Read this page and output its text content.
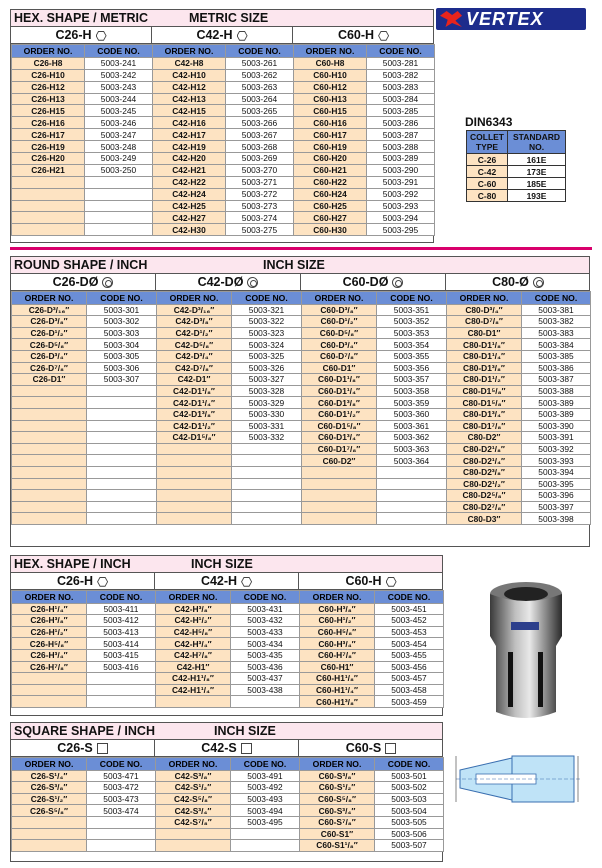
VERTEX
DIN6343
COLLET TYPE	STANDARD NO.
C-26	161E
C-42	173E
C-60	185E
C-80	193E
HEX. SHAPE / METRIC	METRIC SIZE
C26-H	C42-H	C60-H
ORDER NO.	CODE NO.
C26-H8	5003-241
C26-H10	5003-242
C26-H12	5003-243
C26-H13	5003-244
C26-H15	5003-245
C26-H16	5003-246
C26-H17	5003-247
C26-H19	5003-248
C26-H20	5003-249
C26-H21	5003-250

ORDER NO.	CODE NO.
C42-H8	5003-261
C42-H10	5003-262
C42-H12	5003-263
C42-H13	5003-264
C42-H15	5003-265
C42-H16	5003-266
C42-H17	5003-267
C42-H19	5003-268
C42-H20	5003-269
C42-H21	5003-270
C42-H22	5003-271
C42-H24	5003-272
C42-H25	5003-273
C42-H27	5003-274
C42-H30	5003-275
ORDER NO.	CODE NO.
C60-H8	5003-281
C60-H10	5003-282
C60-H12	5003-283
C60-H13	5003-284
C60-H15	5003-285
C60-H16	5003-286
C60-H17	5003-287
C60-H19	5003-288
C60-H20	5003-289
C60-H21	5003-290
C60-H22	5003-291
C60-H24	5003-292
C60-H25	5003-293
C60-H27	5003-294
C60-H30	5003-295
ROUND SHAPE / INCH	INCH SIZE
C26-DØ	C42-DØ	C60-DØ	C80-Ø
ORDER NO.	CODE NO.
C26-D³/₁₆″	5003-301
C26-D³/₈″	5003-302
C26-D¹/₂″	5003-303
C26-D⁵/₈″	5003-304
C26-D³/₄″	5003-305
C26-D⁷/₈″	5003-306
C26-D1″	5003-307

ORDER NO.	CODE NO.
C42-D³/₁₆″	5003-321
C42-D³/₈″	5003-322
C42-D¹/₂″	5003-323
C42-D⁵/₈″	5003-324
C42-D³/₄″	5003-325
C42-D⁷/₈″	5003-326
C42-D1″	5003-327
C42-D1¹/₈″	5003-328
C42-D1¹/₄″	5003-329
C42-D1³/₈″	5003-330
C42-D1¹/₂″	5003-331
C42-D1⁵/₈″	5003-332

ORDER NO.	CODE NO.
C60-D³/₈″	5003-351
C60-D¹/₂″	5003-352
C60-D⁵/₈″	5003-353
C60-D³/₄″	5003-354
C60-D⁷/₈″	5003-355
C60-D1″	5003-356
C60-D1¹/₈″	5003-357
C60-D1¹/₄″	5003-358
C60-D1³/₈″	5003-359
C60-D1¹/₂″	5003-360
C60-D1⁵/₈″	5003-361
C60-D1³/₄″	5003-362
C60-D1⁷/₈″	5003-363
C60-D2″	5003-364

ORDER NO.	CODE NO.
C80-D³/₄″	5003-381
C80-D⁷/₈″	5003-382
C80-D1″	5003-383
C80-D1¹/₈″	5003-384
C80-D1¹/₄″	5003-385
C80-D1³/₈″	5003-386
C80-D1¹/₂″	5003-387
C80-D1⁵/₈″	5003-388
C80-D1⁵/₈″	5003-389
C80-D1³/₄″	5003-389
C80-D1⁷/₈″	5003-390
C80-D2″	5003-391
C80-D2¹/₈″	5003-392
C80-D2¹/₄″	5003-393
C80-D2³/₈″	5003-394
C80-D2¹/₂″	5003-395
C80-D2⁵/₈″	5003-396
C80-D2⁷/₈″	5003-397
C80-D3″	5003-398
HEX. SHAPE / INCH	INCH SIZE
C26-H	C42-H	C60-H
ORDER NO.	CODE NO.
C26-H¹/₄″	5003-411
C26-H³/₈″	5003-412
C26-H¹/₂″	5003-413
C26-H⁵/₈″	5003-414
C26-H³/₄″	5003-415
C26-H⁷/₈″	5003-416

ORDER NO.	CODE NO.
C42-H³/₈″	5003-431
C42-H¹/₂″	5003-432
C42-H⁵/₈″	5003-433
C42-H³/₄″	5003-434
C42-H⁷/₈″	5003-435
C42-H1″	5003-436
C42-H1¹/₈″	5003-437
C42-H1¹/₄″	5003-438

ORDER NO.	CODE NO.
C60-H³/₈″	5003-451
C60-H¹/₂″	5003-452
C60-H⁵/₈″	5003-453
C60-H³/₄″	5003-454
C60-H⁷/₈″	5003-455
C60-H1″	5003-456
C60-H1¹/₈″	5003-457
C60-H1¹/₄″	5003-458
C60-H1³/₈″	5003-459
SQUARE SHAPE / INCH	INCH SIZE
C26-S	C42-S	C60-S
ORDER NO.	CODE NO.
C26-S¹/₄″	5003-471
C26-S³/₈″	5003-472
C26-S¹/₂″	5003-473
C26-S⁵/₈″	5003-474

ORDER NO.	CODE NO.
C42-S³/₈″	5003-491
C42-S¹/₂″	5003-492
C42-S⁵/₈″	5003-493
C42-S³/₄″	5003-494
C42-S⁷/₈″	5003-495

ORDER NO.	CODE NO.
C60-S³/₈″	5003-501
C60-S¹/₂″	5003-502
C60-S⁵/₈″	5003-503
C60-S³/₄″	5003-504
C60-S⁷/₈″	5003-505
C60-S1″	5003-506
C60-S1¹/₈″	5003-507
